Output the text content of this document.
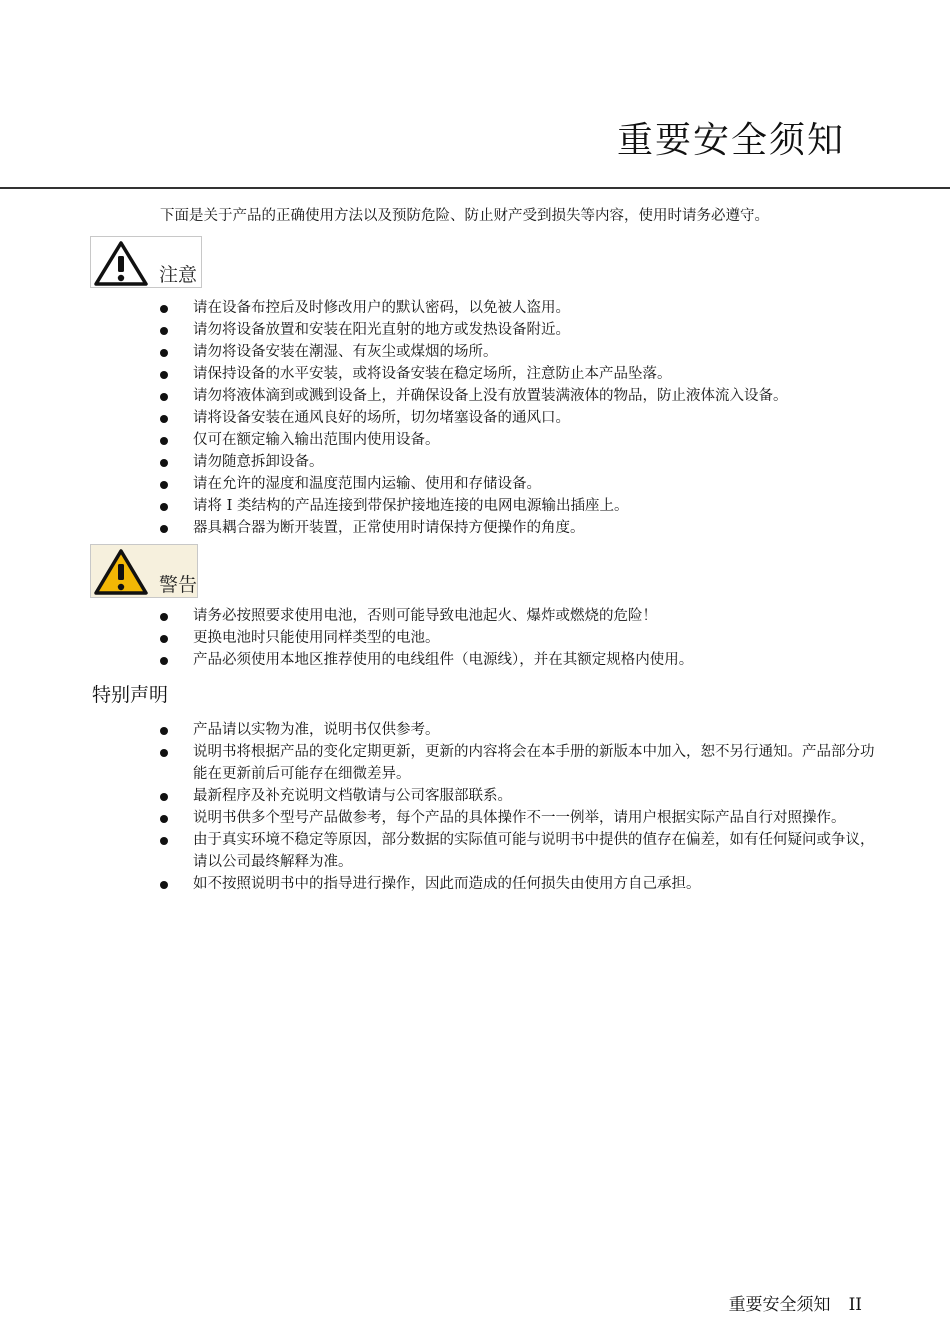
重要安全须知

下面是关于产品的正确使用方法以及预防危险、防止财产受到损失等内容，使用时请务必遵守。

注意
请在设备布控后及时修改用户的默认密码，以免被人盗用。
请勿将设备放置和安装在阳光直射的地方或发热设备附近。
请勿将设备安装在潮湿、有灰尘或煤烟的场所。
请保持设备的水平安装，或将设备安装在稳定场所，注意防止本产品坠落。
请勿将液体滴到或溅到设备上，并确保设备上没有放置装满液体的物品，防止液体流入设备。
请将设备安装在通风良好的场所，切勿堵塞设备的通风口。
仅可在额定输入输出范围内使用设备。
请勿随意拆卸设备。
请在允许的湿度和温度范围内运输、使用和存储设备。
请将 I 类结构的产品连接到带保护接地连接的电网电源输出插座上。
器具耦合器为断开装置，正常使用时请保持方便操作的角度。
警告
请务必按照要求使用电池，否则可能导致电池起火、爆炸或燃烧的危险！
更换电池时只能使用同样类型的电池。
产品必须使用本地区推荐使用的电线组件（电源线），并在其额定规格内使用。
特别声明
产品请以实物为准，说明书仅供参考。
说明书将根据产品的变化定期更新，更新的内容将会在本手册的新版本中加入，恕不另行通知。产品部分功能在更新前后可能存在细微差异。
最新程序及补充说明文档敬请与公司客服部联系。
说明书供多个型号产品做参考，每个产品的具体操作不一一例举，请用户根据实际产品自行对照操作。
由于真实环境不稳定等原因，部分数据的实际值可能与说明书中提供的值存在偏差，如有任何疑问或争议，请以公司最终解释为准。
如不按照说明书中的指导进行操作，因此而造成的任何损失由使用方自己承担。
重要安全须知 II
